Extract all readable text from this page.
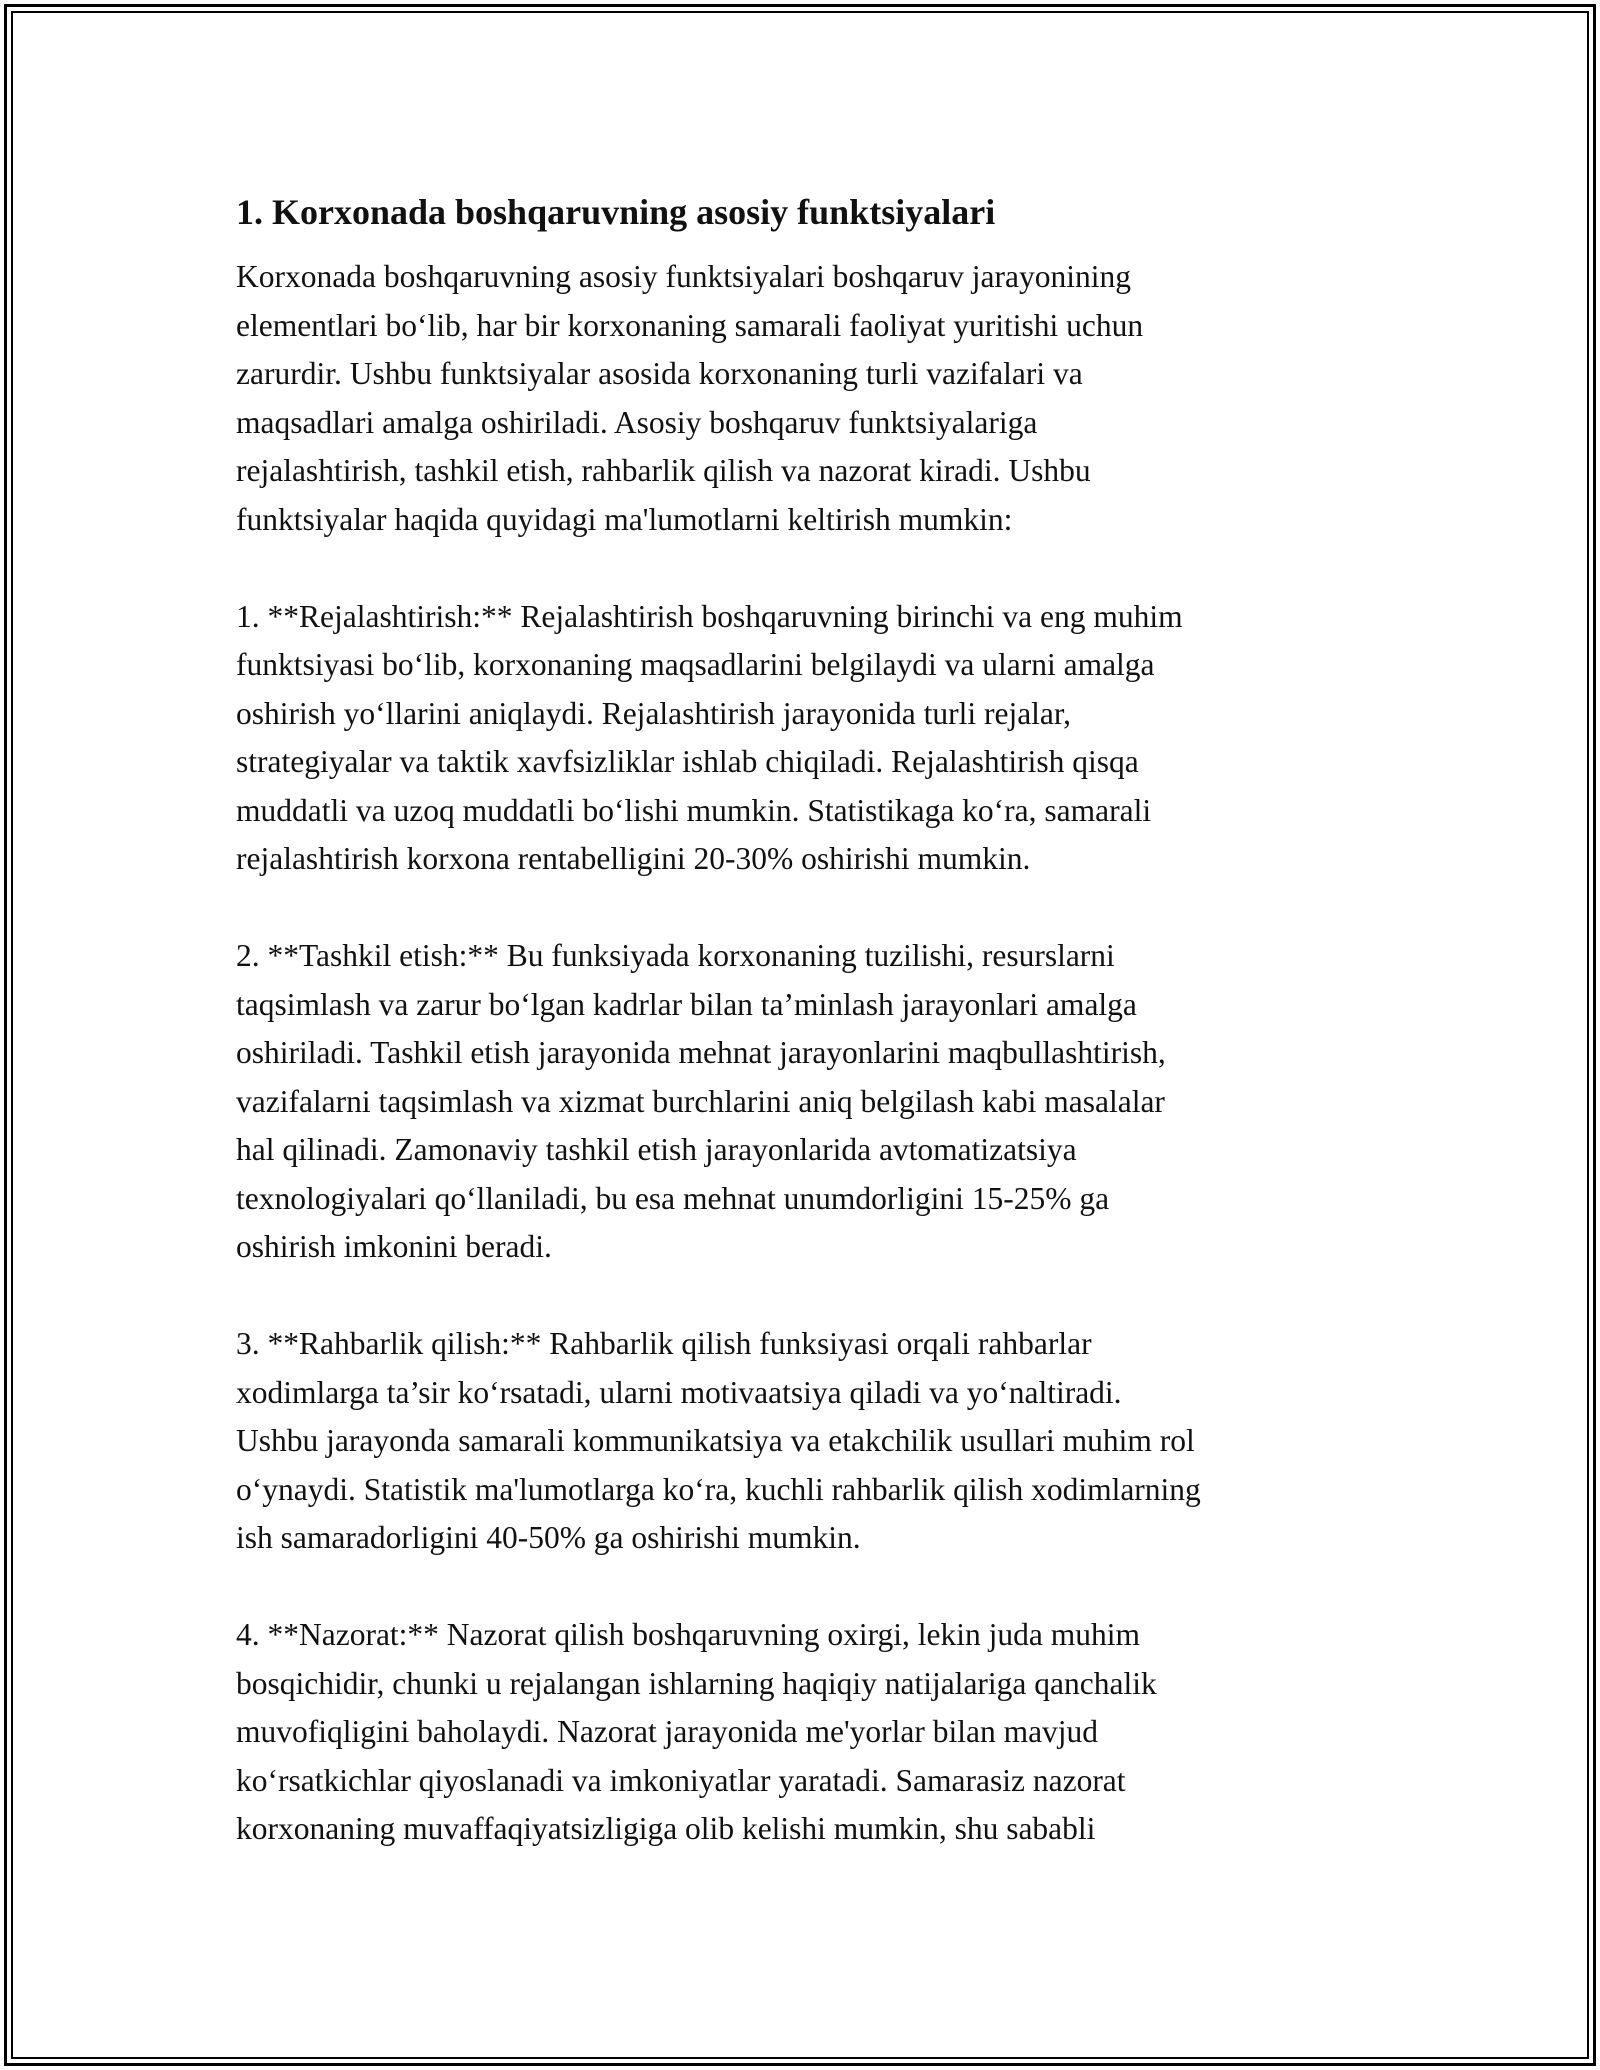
1. Korxonada boshqaruvning asosiy funktsiyalari

Korxonada boshqaruvning asosiy funktsiyalari boshqaruv jarayonining
elementlari bo‘lib, har bir korxonaning samarali faoliyat yuritishi uchun
zarurdir. Ushbu funktsiyalar asosida korxonaning turli vazifalari va
maqsadlari amalga oshiriladi. Asosiy boshqaruv funktsiyalariga
rejalashtirish, tashkil etish, rahbarlik qilish va nazorat kiradi. Ushbu
funktsiyalar haqida quyidagi ma'lumotlarni keltirish mumkin:

1. **Rejalashtirish:** Rejalashtirish boshqaruvning birinchi va eng muhim
funktsiyasi bo‘lib, korxonaning maqsadlarini belgilaydi va ularni amalga
oshirish yo‘llarini aniqlaydi. Rejalashtirish jarayonida turli rejalar,
strategiyalar va taktik xavfsizliklar ishlab chiqiladi. Rejalashtirish qisqa
muddatli va uzoq muddatli bo‘lishi mumkin. Statistikaga ko‘ra, samarali
rejalashtirish korxona rentabelligini 20-30% oshirishi mumkin.

2. **Tashkil etish:** Bu funksiyada korxonaning tuzilishi, resurslarni
taqsimlash va zarur bo‘lgan kadrlar bilan ta’minlash jarayonlari amalga
oshiriladi. Tashkil etish jarayonida mehnat jarayonlarini maqbullashtirish,
vazifalarni taqsimlash va xizmat burchlarini aniq belgilash kabi masalalar
hal qilinadi. Zamonaviy tashkil etish jarayonlarida avtomatizatsiya
texnologiyalari qo‘llaniladi, bu esa mehnat unumdorligini 15-25% ga
oshirish imkonini beradi.

3. **Rahbarlik qilish:** Rahbarlik qilish funksiyasi orqali rahbarlar
xodimlarga ta’sir ko‘rsatadi, ularni motivaatsiya qiladi va yo‘naltiradi.
Ushbu jarayonda samarali kommunikatsiya va etakchilik usullari muhim rol
o‘ynaydi. Statistik ma'lumotlarga ko‘ra, kuchli rahbarlik qilish xodimlarning
ish samaradorligini 40-50% ga oshirishi mumkin.

4. **Nazorat:** Nazorat qilish boshqaruvning oxirgi, lekin juda muhim
bosqichidir, chunki u rejalangan ishlarning haqiqiy natijalariga qanchalik
muvofiqligini baholaydi. Nazorat jarayonida me'yorlar bilan mavjud
ko‘rsatkichlar qiyoslanadi va imkoniyatlar yaratadi. Samarasiz nazorat
korxonaning muvaffaqiyatsizligiga olib kelishi mumkin, shu sababli
